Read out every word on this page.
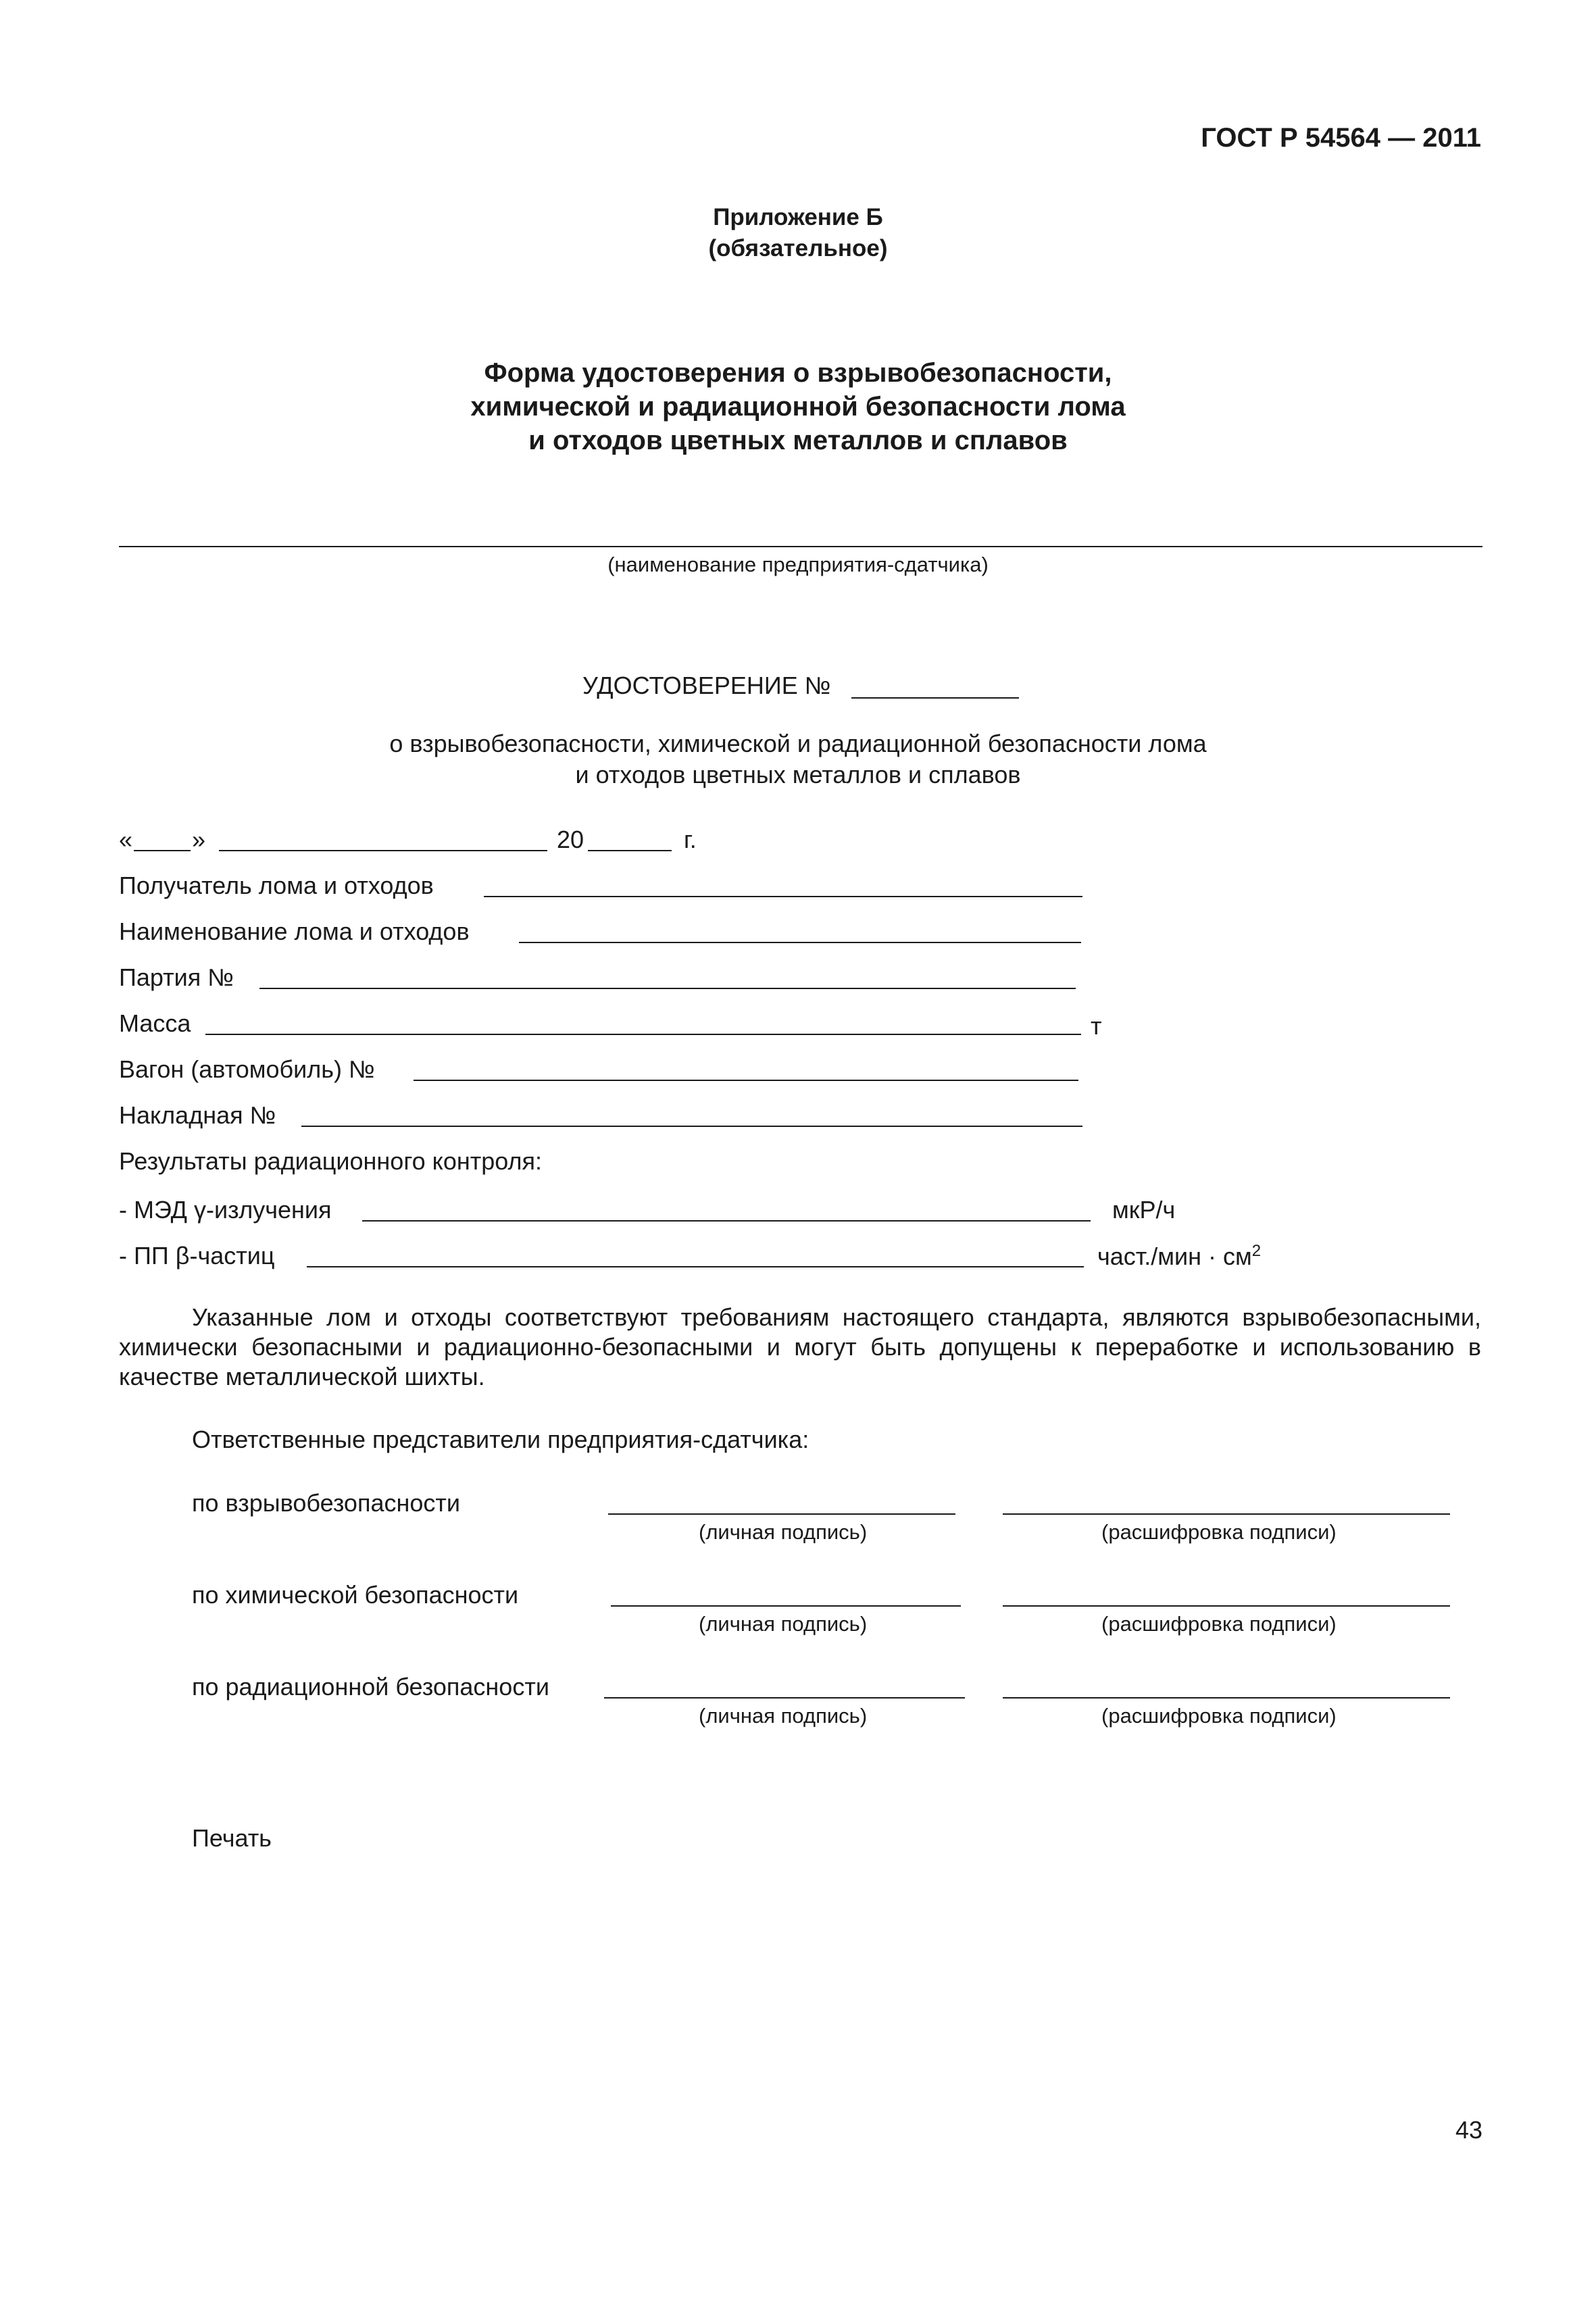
ГОСТ Р 54564 — 2011
Приложение Б
(обязательное)
Форма удостоверения о взрывобезопасности,
химической и радиационной безопасности лома
и отходов цветных металлов и сплавов
(наименование предприятия-сдатчика)
УДОСТОВЕРЕНИЕ №
о взрывобезопасности, химической и радиационной безопасности лома
и отходов цветных металлов и сплавов
« »	20	г.
Получатель лома и отходов
Наименование лома и отходов
Партия №
Масса	т
Вагон (автомобиль) №
Накладная №
Результаты радиационного контроля:
- МЭД γ-излучения	мкР/ч
- ПП β-частиц	част./мин · $см^2$
Указанные лом и отходы соответствуют требованиям настоящего стандарта, являются взрывобезопасными, химически безопасными и радиационно-безопасными и могут быть допущены к переработке и использованию в качестве металлической шихты.
Ответственные представители предприятия-сдатчика:
по взрывобезопасности
(личная подпись)	(расшифровка подписи)
по химической безопасности
(личная подпись)	(расшифровка подписи)
по радиационной безопасности
(личная подпись)	(расшифровка подписи)
Печать
43
